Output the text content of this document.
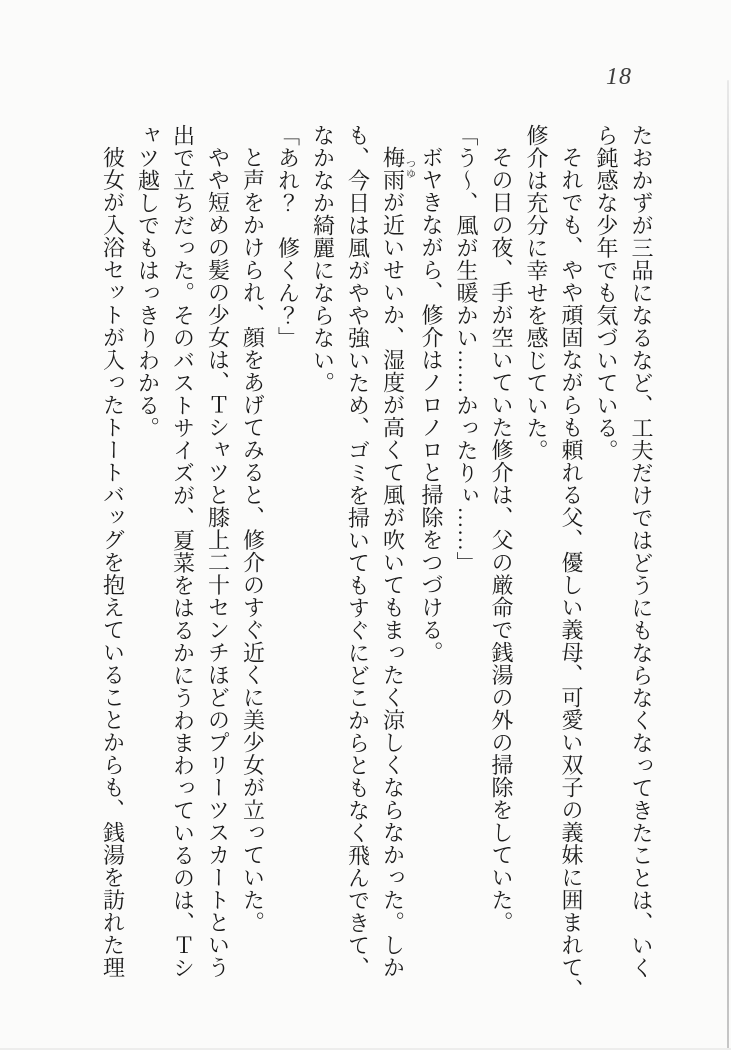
18
たおかずが三品になるなど、工夫だけではどうにもならなくなってきたことは、いく
ら鈍感な少年でも気づいている。
それでも、やや頑固ながらも頼れる父、優しい義母、可愛い双子の義妹に囲まれて、
修介は充分に幸せを感じていた。
その日の夜、手が空いていた修介は、父の厳命で銭湯の外の掃除をしていた。
「う～、風が生暖かい……かったりぃ……」
ボヤきながら、修介はノロノロと掃除をつづける。
梅雨つゆが近いせいか、湿度が高くて風が吹いてもまったく涼しくならなかった。しか
も、今日は風がやや強いため、ゴミを掃いてもすぐにどこからともなく飛んできて、
なかなか綺麗にならない。
「あれ？　修くん？」
と声をかけられ、顔をあげてみると、修介のすぐ近くに美少女が立っていた。
やや短めの髪の少女は、Ｔシャツと膝上二十センチほどのプリーツスカートという
出で立ちだった。そのバストサイズが、夏菜をはるかにうわまわっているのは、Ｔシ
ャツ越しでもはっきりわかる。
彼女が入浴セットが入ったトートバッグを抱えていることからも、銭湯を訪れた理
